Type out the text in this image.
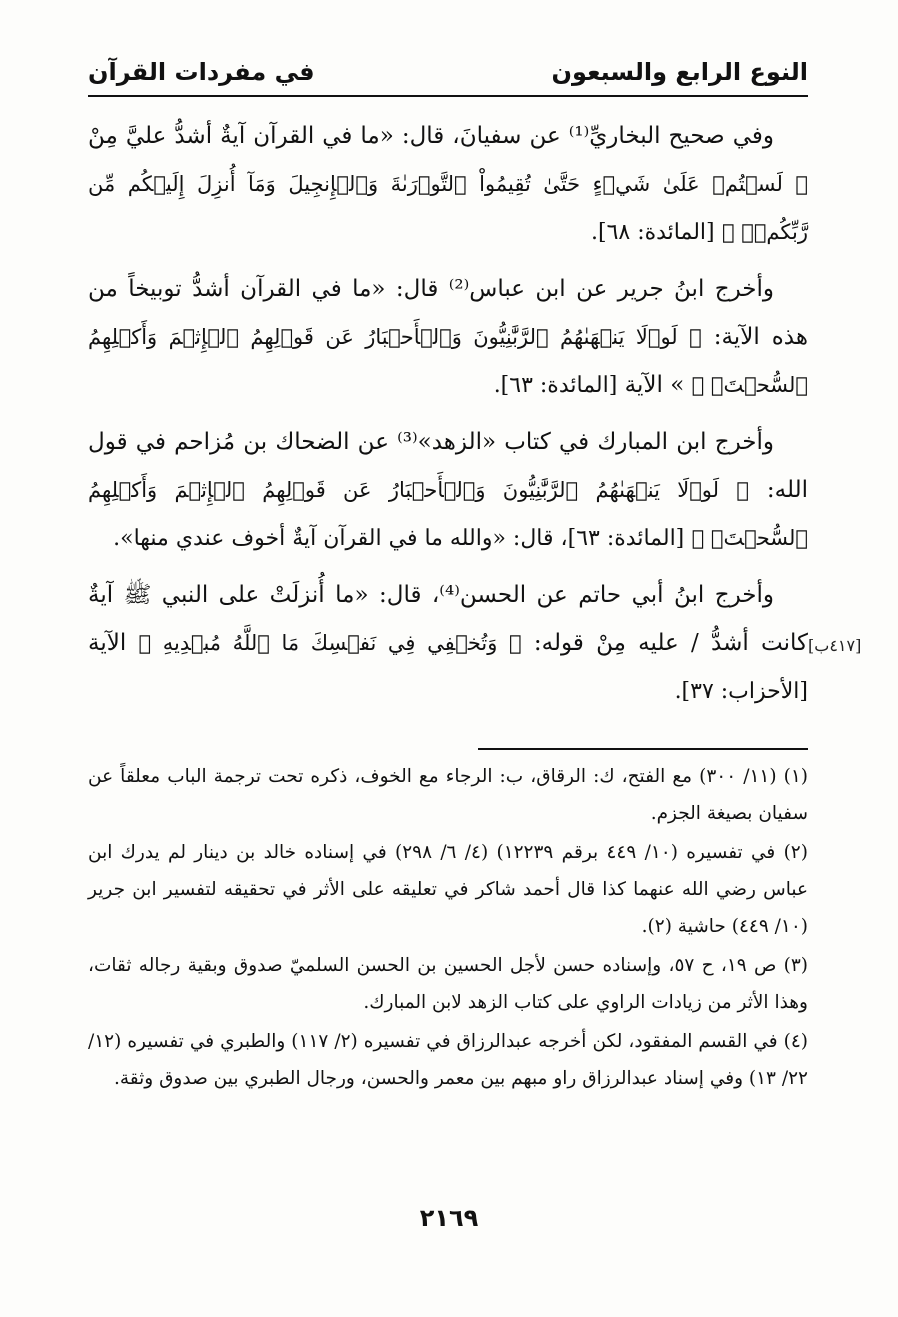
النوع الرابع والسبعون
في مفردات القرآن

وفي صحيح البخاريِّ⁽¹⁾ عن سفيانَ، قال: «ما في القرآن آيةٌ أشدُّ عليَّ مِنْ ﴿ لَسۡتُمۡ عَلَىٰ شَيۡءٍ حَتَّىٰ تُقِيمُواْ ٱلتَّوۡرَىٰةَ وَٱلۡإِنجِيلَ وَمَآ أُنزِلَ إِلَيۡكُم مِّن رَّبِّكُمۡۗ ﴾ [المائدة: ٦٨].

وأخرج ابنُ جرير عن ابن عباس⁽²⁾ قال: «ما في القرآن أشدُّ توبيخاً من هذه الآية: ﴿ لَوۡلَا يَنۡهَىٰهُمُ ٱلرَّبَّٰنِيُّونَ وَٱلۡأَحۡبَارُ عَن قَوۡلِهِمُ ٱلۡإِثۡمَ وَأَكۡلِهِمُ ٱلسُّحۡتَۚ ﴾ » الآية [المائدة: ٦٣].

وأخرج ابن المبارك في كتاب «الزهد»⁽³⁾ عن الضحاك بن مُزاحم في قول الله: ﴿ لَوۡلَا يَنۡهَىٰهُمُ ٱلرَّبَّٰنِيُّونَ وَٱلۡأَحۡبَارُ عَن قَوۡلِهِمُ ٱلۡإِثۡمَ وَأَكۡلِهِمُ ٱلسُّحۡتَۚ ﴾ [المائدة: ٦٣]، قال: «والله ما في القرآن آيةٌ أخوف عندي منها».

وأخرج ابنُ أبي حاتم عن الحسن⁽⁴⁾، قال: «ما أُنزلَتْ على النبي ﷺ آيةٌ كانت أشدُّ / عليه مِنْ قوله: ﴿ وَتُخۡفِي فِي نَفۡسِكَ مَا ٱللَّهُ مُبۡدِيهِ ﴾ الآية [الأحزاب: ٣٧].

[٤١٧ب]

(١) (١١/ ٣٠٠) مع الفتح، ك: الرقاق، ب: الرجاء مع الخوف، ذكره تحت ترجمة الباب معلقاً عن سفيان بصيغة الجزم.

(٢) في تفسيره (١٠/ ٤٤٩ برقم ١٢٢٣٩) (٤/ ٦/ ٢٩٨) في إسناده خالد بن دينار لم يدرك ابن عباس رضي الله عنهما كذا قال أحمد شاكر في تعليقه على الأثر في تحقيقه لتفسير ابن جرير (١٠/ ٤٤٩) حاشية (٢).

(٣) ص ١٩، ح ٥٧، وإسناده حسن لأجل الحسين بن الحسن السلميّ صدوق وبقية رجاله ثقات، وهذا الأثر من زيادات الراوي على كتاب الزهد لابن المبارك.

(٤) في القسم المفقود، لكن أخرجه عبدالرزاق في تفسيره (٢/ ١١٧) والطبري في تفسيره (١٢/ ٢٢/ ١٣) وفي إسناد عبدالرزاق راو مبهم بين معمر والحسن، ورجال الطبري بين صدوق وثقة.

٢١٦٩
